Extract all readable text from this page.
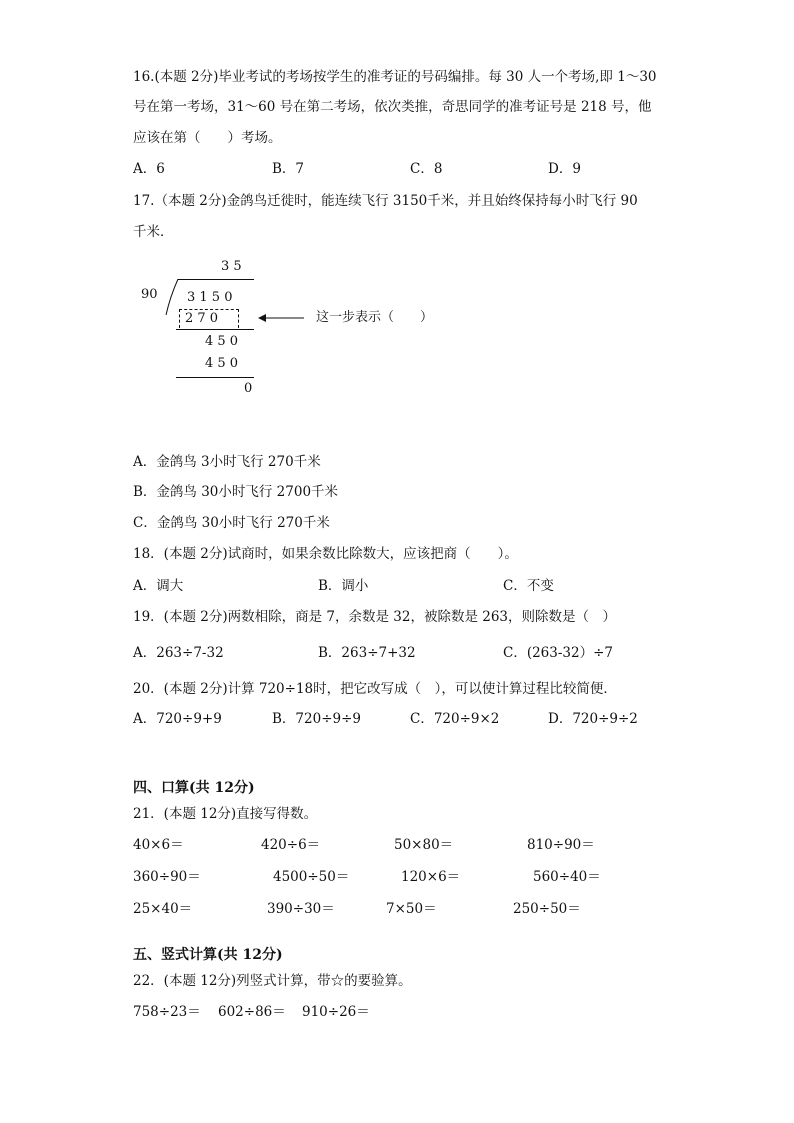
16.(本题 2分)毕业考试的考场按学生的准考证的号码编排。每 30 人一个考场,即 1～30
号在第一考场，31～60 号在第二考场，依次类推，奇思同学的准考证号是 218 号，他
应该在第（　　）考场。
A．6	B．7	C．8	D．9
17.（本题 2分)金鸽鸟迁徙时，能连续飞行 3150千米，并且始终保持每小时飞行 90
千米．
3 5
90 3 1 5 0
2 7 0	这一步表示（　　）
4 5 0
4 5 0
0
A．金鸽鸟 3小时飞行 270千米
B．金鸽鸟 30小时飞行 2700千米
C．金鸽鸟 30小时飞行 270千米
18．(本题 2分)试商时，如果余数比除数大，应该把商（　　）。
A．调大	B．调小	C．不变
19．(本题 2分)两数相除，商是 7，余数是 32，被除数是 263，则除数是（　）
A．263÷7-32	B．263÷7+32	C．(263-32）÷7
20．(本题 2分)计算 720÷18时，把它改写成（　），可以使计算过程比较简便．
A．720÷9+9	B．720÷9÷9	C．720÷9×2	D．720÷9÷2
四、口算(共 12分)
21．(本题 12分)直接写得数。
40×6＝	420÷6＝	50×80＝	810÷90＝
360÷90＝	4500÷50＝	120×6＝	560÷40＝
25×40＝	390÷30＝	7×50＝	250÷50＝
五、竖式计算(共 12分)
22．(本题 12分)列竖式计算，带☆的要验算。
758÷23＝ 602÷86＝ 910÷26＝
